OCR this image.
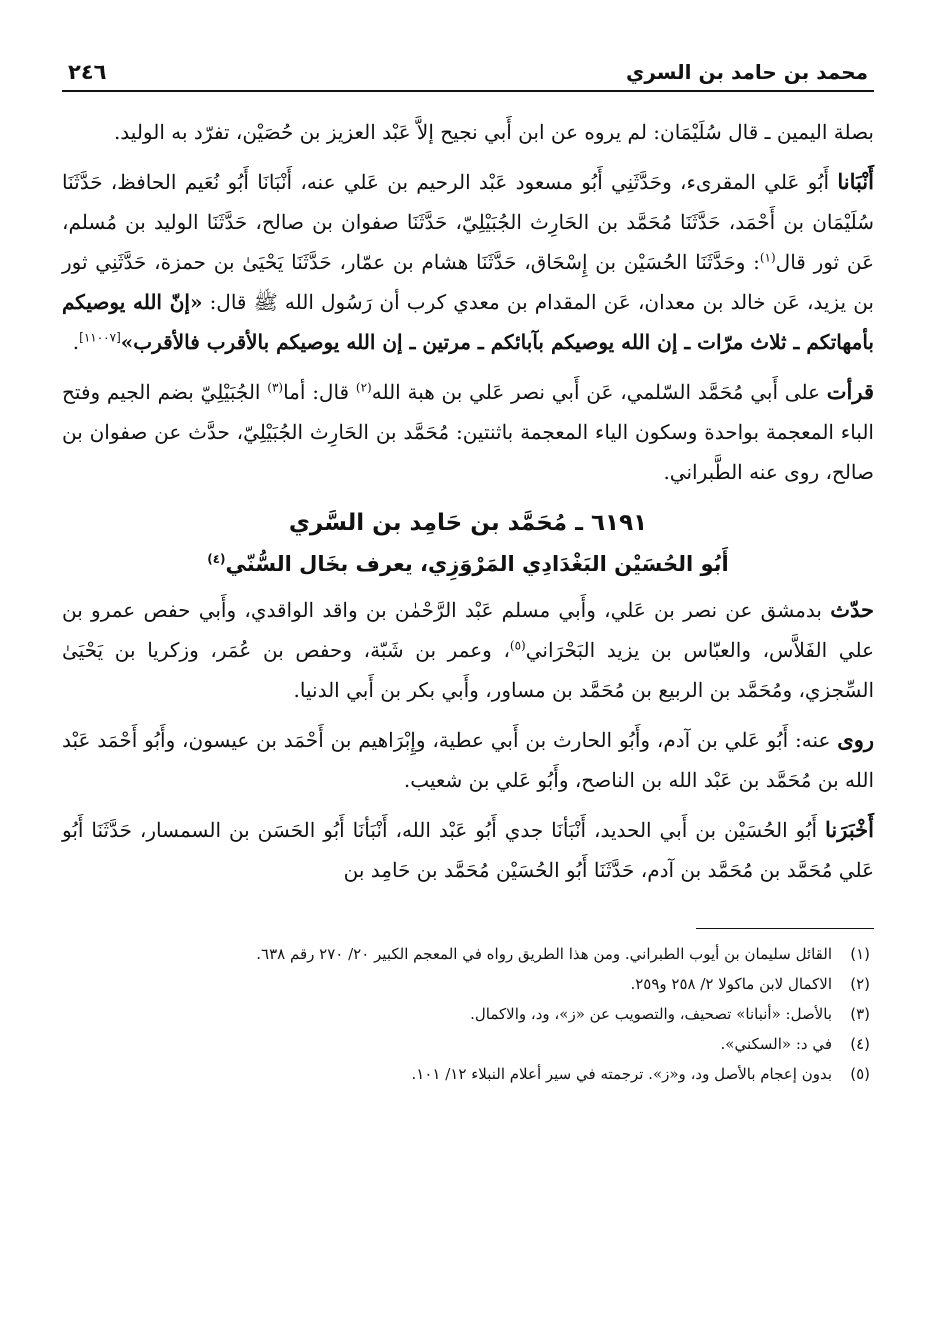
محمد بن حامد بن السري
٢٤٦

بصلة اليمين ـ قال سُلَيْمَان: لم يروه عن ابن أَبي نجيح إلاَّ عَبْد العزيز بن حُصَيْن، تفرّد به الوليد.

أَنْبَانا أَبُو عَلي المقرىء، وحَدَّثَنِي أَبُو مسعود عَبْد الرحيم بن عَلي عنه، أَنْبَانَا أَبُو نُعَيم الحافظ، حَدَّثَنَا سُلَيْمَان بن أَحْمَد، حَدَّثَنَا مُحَمَّد بن الحَارِث الجُبَيْلِيّ، حَدَّثَنَا صفوان بن صالح، حَدَّثَنَا الوليد بن مُسلم، عَن ثور قال$^{(١)}$: وحَدَّثَنَا الحُسَيْن بن إِسْحَاق، حَدَّثَنَا هشام بن عمّار، حَدَّثَنَا يَحْيَىٰ بن حمزة، حَدَّثَنِي ثور بن يزيد، عَن خالد بن معدان، عَن المقدام بن معدي كرب أن رَسُول الله ﷺ قال: «إنّ الله يوصيكم بأمهاتكم ـ ثلاث مرّات ـ إن الله يوصيكم بآبائكم ـ مرتين ـ إن الله يوصيكم بالأقرب فالأقرب»[١١٠٠٧].

قرأت على أَبي مُحَمَّد السّلمي، عَن أَبي نصر عَلي بن هبة الله$^{(٢)}$ قال: أما$^{(٣)}$ الجُبَيْلِيّ بضم الجيم وفتح الباء المعجمة بواحدة وسكون الياء المعجمة باثنتين: مُحَمَّد بن الحَارِث الجُبَيْلِيّ، حدَّث عن صفوان بن صالح، روى عنه الطَّبراني.

٦١٩١ ـ مُحَمَّد بن حَامِد بن السَّري
أَبُو الحُسَيْن البَغْدَادِي المَرْوَزِي، يعرف بخَال السُّنّي$^{(٤)}$

حدّث بدمشق عن نصر بن عَلي، وأَبي مسلم عَبْد الرَّحْمٰن بن واقد الواقدي، وأَبي حفص عمرو بن علي الفَلاَّس، والعبّاس بن يزيد البَحْرَاني$^{(٥)}$، وعمر بن شَبّة، وحفص بن عُمَر، وزكريا بن يَحْيَىٰ السِّجزي، ومُحَمَّد بن الربيع بن مُحَمَّد بن مساور، وأَبي بكر بن أَبي الدنيا.

روى عنه: أَبُو عَلي بن آدم، وأَبُو الحارث بن أَبي عطية، وإِبْرَاهيم بن أَحْمَد بن عيسون، وأَبُو أَحْمَد عَبْد الله بن مُحَمَّد بن عَبْد الله بن الناصح، وأَبُو عَلي بن شعيب.

أَخْبَرَنا أَبُو الحُسَيْن بن أَبي الحديد، أَنْبَأنَا جدي أَبُو عَبْد الله، أَنْبَأنَا أَبُو الحَسَن بن السمسار، حَدَّثَنَا أَبُو عَلي مُحَمَّد بن مُحَمَّد بن آدم، حَدَّثَنَا أَبُو الحُسَيْن مُحَمَّد بن حَامِد بن

(١)
القائل سليمان بن أيوب الطبراني. ومن هذا الطريق رواه في المعجم الكبير ٢٠/ ٢٧٠ رقم ٦٣٨.
(٢)
الاكمال لابن ماكولا ٢/ ٢٥٨ و٢٥٩.
(٣)
بالأصل: «أنبانا» تصحيف، والتصويب عن «ز»، ود، والاكمال.
(٤)
في د: «السكني».
(٥)
بدون إعجام بالأصل ود، و«ز». ترجمته في سير أعلام النبلاء ١٢/ ١٠١.
